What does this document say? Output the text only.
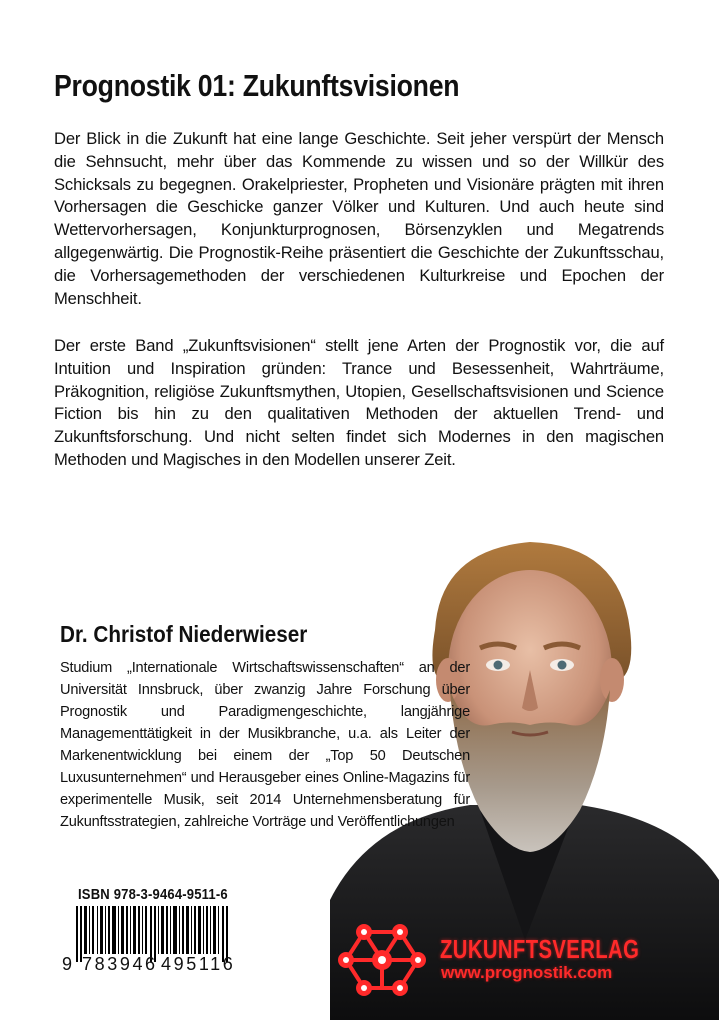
Prognostik 01: Zukunftsvisionen

Der Blick in die Zukunft hat eine lange Geschichte. Seit jeher verspürt der Mensch die Sehnsucht, mehr über das Kommende zu wissen und so der Willkür des Schicksals zu begegnen. Orakelpriester, Propheten und Visionäre prägten mit ihren Vorhersagen die Geschicke ganzer Völker und Kulturen. Und auch heute sind Wettervorhersagen, Konjunkturprognosen, Börsenzyklen und Megatrends allgegenwärtig. Die Prognostik-Reihe präsentiert die Geschichte der Zukunftsschau, die Vorhersagemethoden der verschiedenen Kulturkreise und Epochen der Menschheit.

Der erste Band „Zukunftsvisionen“ stellt jene Arten der Prognostik vor, die auf Intuition und Inspiration gründen: Trance und Besessenheit, Wahrträume, Präkognition, religiöse Zukunftsmythen, Utopien, Gesellschaftsvisionen und Science Fiction bis hin zu den qualitativen Methoden der aktuellen Trend- und Zukunftsforschung. Und nicht selten findet sich Modernes in den magischen Methoden und Magisches in den Modellen unserer Zeit.

Dr. Christof Niederwieser

Studium „Internationale Wirtschaftswissenschaften“ an der Universität Innsbruck, über zwanzig Jahre Forschung über Prognostik und Paradigmengeschichte, langjährige Managementtätigkeit in der Musikbranche, u.a. als Leiter der Markenentwicklung bei einem der „Top 50 Deutschen Luxusunternehmen“ und Herausgeber eines Online-Magazins für experimentelle Musik, seit 2014 Unternehmensberatung für Zukunftsstrategien, zahlreiche Vorträge und Veröffentlichungen

ISBN 978-3-9464-9511-6
9 783946 495116	ZUKUNFTSVERLAG
www.prognostik.com
